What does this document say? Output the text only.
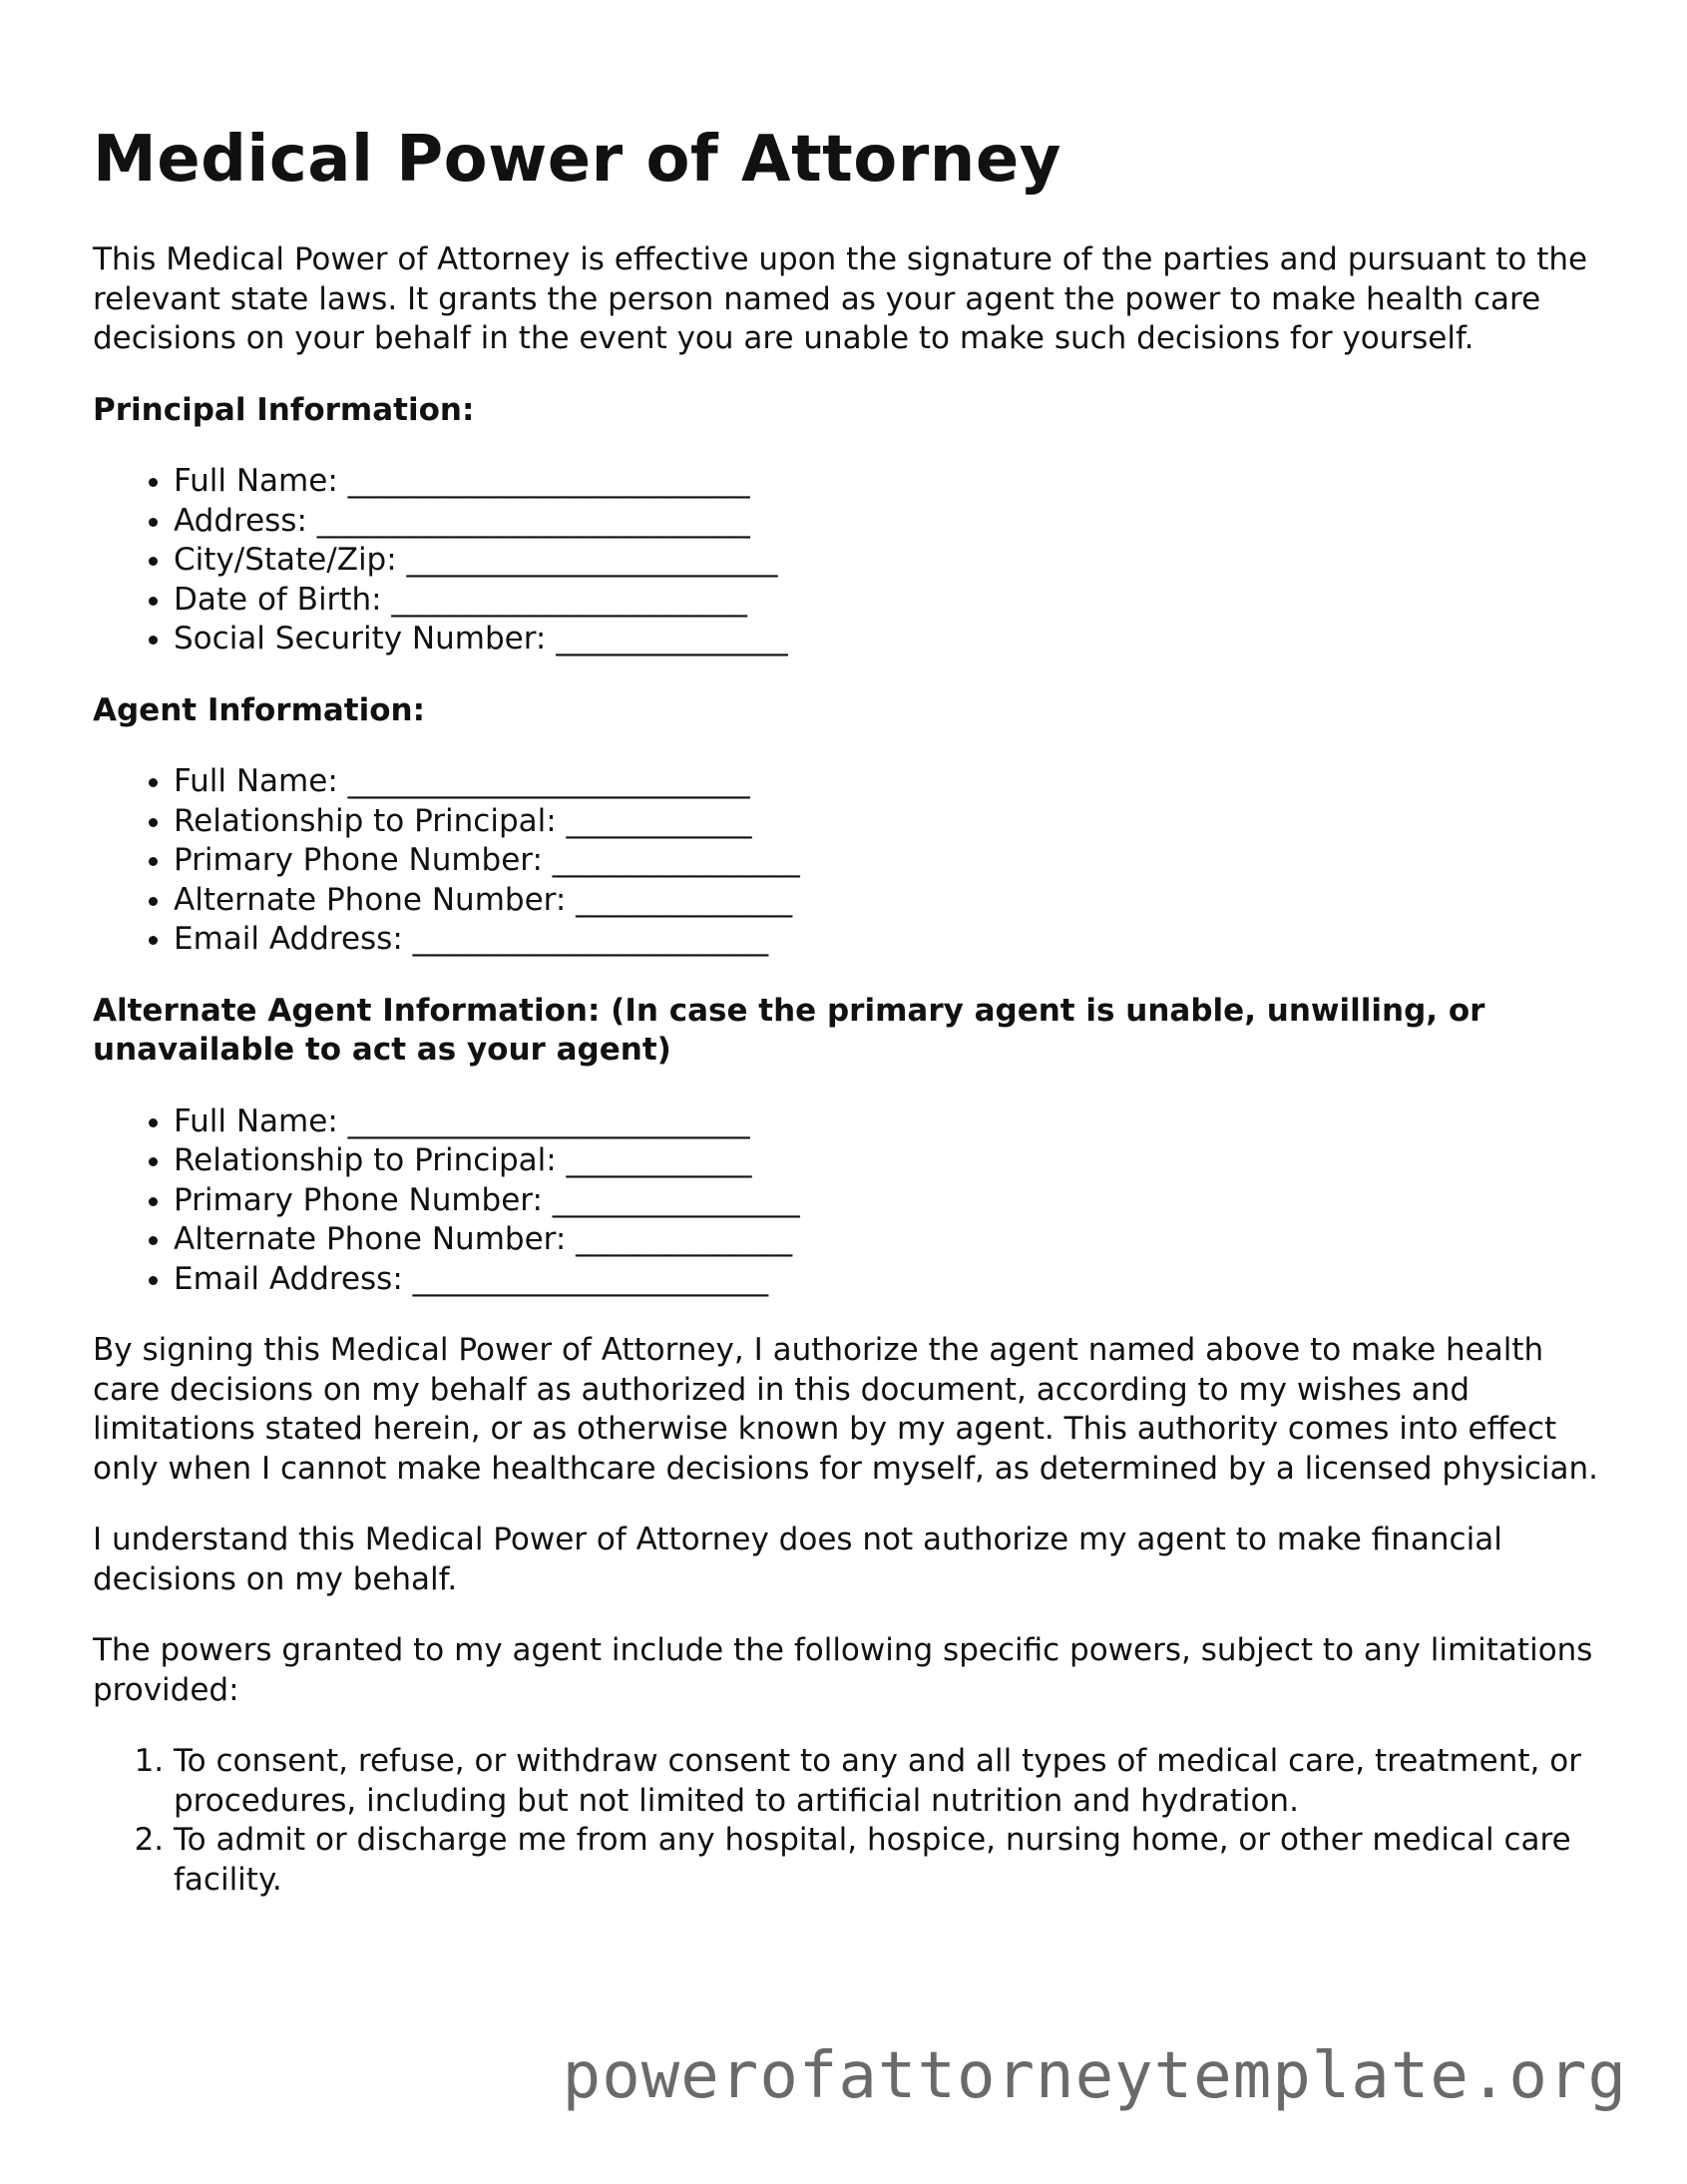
Medical Power of Attorney

This Medical Power of Attorney is effective upon the signature of the parties and pursuant to the relevant state laws. It grants the person named as your agent the power to make health care decisions on your behalf in the event you are unable to make such decisions for yourself.

Principal Information:
• Full Name: __________________________
• Address: ____________________________
• City/State/Zip: ________________________
• Date of Birth: _______________________
• Social Security Number: _______________
Agent Information:
• Full Name: __________________________
• Relationship to Principal: ____________
• Primary Phone Number: ________________
• Alternate Phone Number: ______________
• Email Address: _______________________
Alternate Agent Information: (In case the primary agent is unable, unwilling, or unavailable to act as your agent)
• Full Name: __________________________
• Relationship to Principal: ____________
• Primary Phone Number: ________________
• Alternate Phone Number: ______________
• Email Address: _______________________

By signing this Medical Power of Attorney, I authorize the agent named above to make health care decisions on my behalf as authorized in this document, according to my wishes and limitations stated herein, or as otherwise known by my agent. This authority comes into effect only when I cannot make healthcare decisions for myself, as determined by a licensed physician.

I understand this Medical Power of Attorney does not authorize my agent to make financial decisions on my behalf.

The powers granted to my agent include the following specific powers, subject to any limitations provided:

1. To consent, refuse, or withdraw consent to any and all types of medical care, treatment, or procedures, including but not limited to artificial nutrition and hydration.
2. To admit or discharge me from any hospital, hospice, nursing home, or other medical care facility.
powerofattorneytemplate.org
